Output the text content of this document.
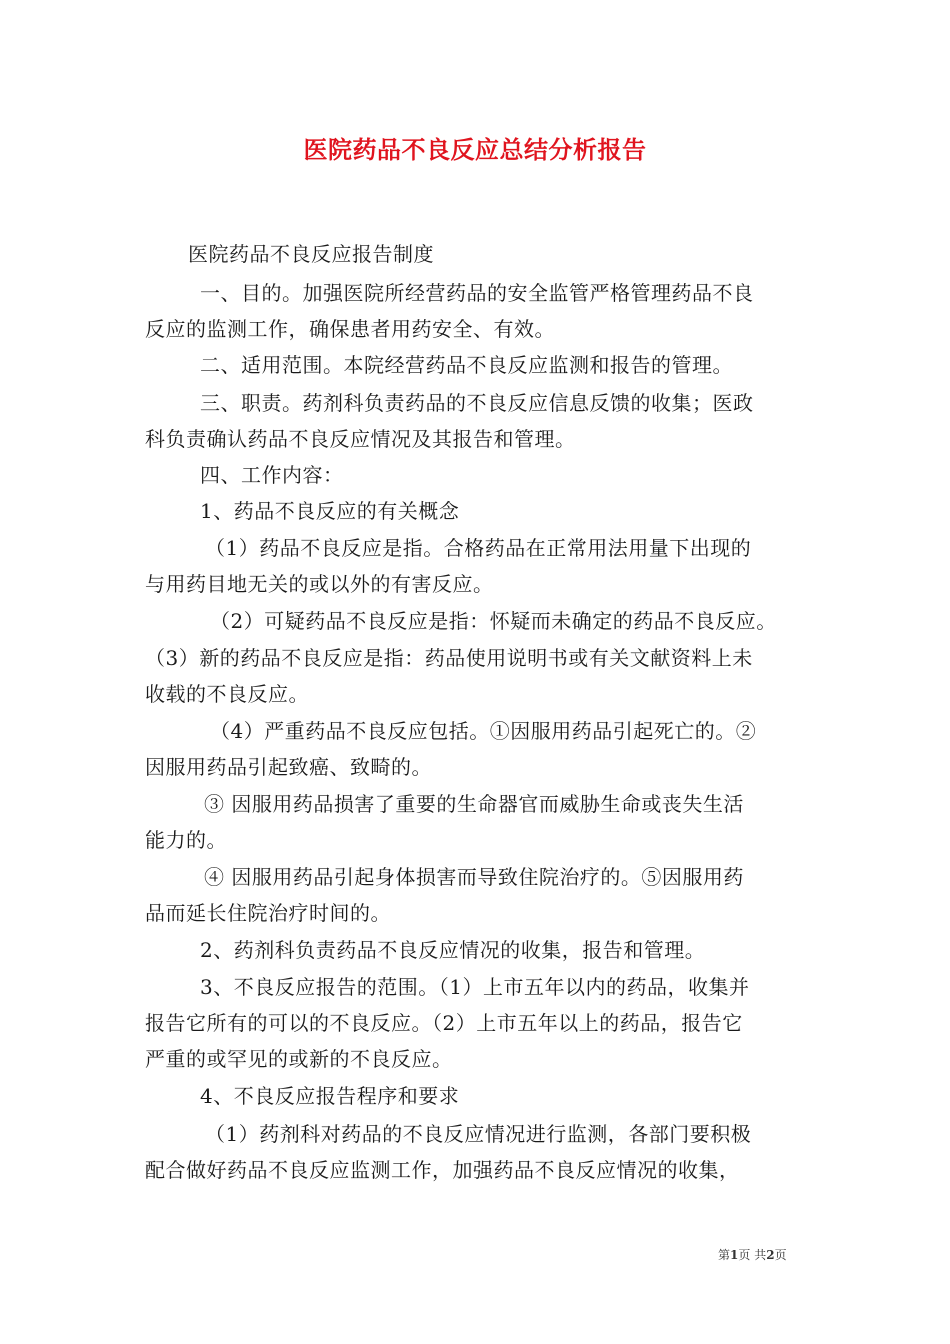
医院药品不良反应总结分析报告
医院药品不良反应报告制度
一、目的。加强医院所经营药品的安全监管严格管理药品不良
反应的监测工作，确保患者用药安全、有效。
二、适用范围。本院经营药品不良反应监测和报告的管理。
三、职责。药剂科负责药品的不良反应信息反馈的收集；医政
科负责确认药品不良反应情况及其报告和管理。
四、工作内容：
1、药品不良反应的有关概念
（1）药品不良反应是指。合格药品在正常用法用量下出现的
与用药目地无关的或以外的有害反应。
（2）可疑药品不良反应是指：怀疑而未确定的药品不良反应。
（3）新的药品不良反应是指：药品使用说明书或有关文献资料上未
收载的不良反应。
（4）严重药品不良反应包括。①因服用药品引起死亡的。②
因服用药品引起致癌、致畸的。
③ 因服用药品损害了重要的生命器官而威胁生命或丧失生活
能力的。
④ 因服用药品引起身体损害而导致住院治疗的。⑤因服用药
品而延长住院治疗时间的。
2、药剂科负责药品不良反应情况的收集，报告和管理。
3、不良反应报告的范围。（1）上市五年以内的药品，收集并
报告它所有的可以的不良反应。（2）上市五年以上的药品，报告它
严重的或罕见的或新的不良反应。
4、不良反应报告程序和要求
（1）药剂科对药品的不良反应情况进行监测，各部门要积极
配合做好药品不良反应监测工作，加强药品不良反应情况的收集，
第1页 共2页
